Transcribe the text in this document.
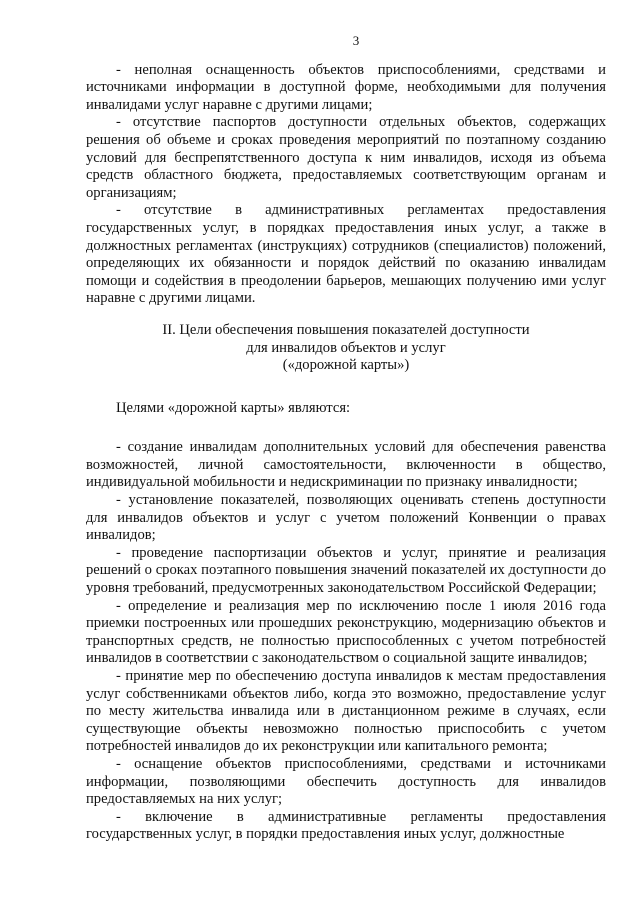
3

- неполная оснащенность объектов приспособлениями, средствами и источниками информации в доступной форме, необходимыми для получения инвалидами услуг наравне с другими лицами;

- отсутствие паспортов доступности отдельных объектов, содержащих решения об объеме и сроках проведения мероприятий по поэтапному созданию условий для беспрепятственного доступа к ним инвалидов, исходя из объема средств областного бюджета, предоставляемых соответствующим органам и организациям;

- отсутствие в административных регламентах предоставления государственных услуг, в порядках предоставления иных услуг, а также в должностных регламентах (инструкциях) сотрудников (специалистов) положений, определяющих их обязанности и порядок действий по оказанию инвалидам помощи и содействия в преодолении барьеров, мешающих получению ими услуг наравне с другими лицами.

II. Цели обеспечения повышения показателей доступности
для инвалидов объектов и услуг
(«дорожной карты»)

Целями «дорожной карты» являются:

- создание инвалидам дополнительных условий для обеспечения равенства возможностей, личной самостоятельности, включенности в общество, индивидуальной мобильности и недискриминации по признаку инвалидности;

- установление показателей, позволяющих оценивать степень доступности для инвалидов объектов и услуг с учетом положений Конвенции о правах инвалидов;

- проведение паспортизации объектов и услуг, принятие и реализация решений о сроках поэтапного повышения значений показателей их доступности до уровня требований, предусмотренных законодательством Российской Федерации;

- определение и реализация мер по исключению после 1 июля 2016 года приемки построенных или прошедших реконструкцию, модернизацию объектов и транспортных средств, не полностью приспособленных с учетом потребностей инвалидов в соответствии с законодательством о социальной защите инвалидов;

- принятие мер по обеспечению доступа инвалидов к местам предоставления услуг собственниками объектов либо, когда это возможно, предоставление услуг по месту жительства инвалида или в дистанционном режиме в случаях, если существующие объекты невозможно полностью приспособить с учетом потребностей инвалидов до их реконструкции или капитального ремонта;

- оснащение объектов приспособлениями, средствами и источниками информации, позволяющими обеспечить доступность для инвалидов предоставляемых на них услуг;

- включение в административные регламенты предоставления государственных услуг, в порядки предоставления иных услуг, должностные
